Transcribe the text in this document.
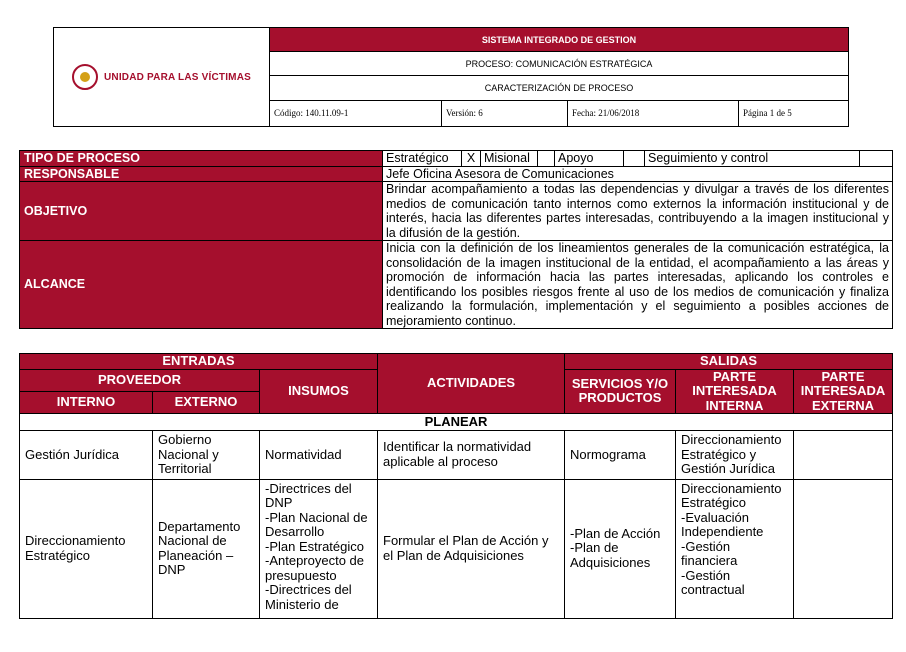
UNIDAD PARA LAS VÍCTIMAS	SISTEMA INTEGRADO DE GESTION			
	PROCESO: COMUNICACIÓN ESTRATÉGICA			
	CARACTERIZACIÓN DE PROCESO			
	Código: 140.11.09-1	Versión: 6	Fecha: 21/06/2018	Página 1 de 5
TIPO DE PROCESO	Estratégico	X	Misional		Apoyo		Seguimiento y control	
RESPONSABLE	Jefe Oficina Asesora de Comunicaciones							
OBJETIVO	Brindar acompañamiento a todas las dependencias y divulgar a través de los diferentes medios de comunicación tanto internos como externos la información institucional y de interés, hacia las diferentes partes interesadas, contribuyendo a la imagen institucional y la difusión de la gestión.							
ALCANCE	Inicia con la definición de los lineamientos generales de la comunicación estratégica, la consolidación de la imagen institucional de la entidad, el acompañamiento a las áreas y promoción de información hacia las partes interesadas, aplicando los controles e identificando los posibles riesgos frente al uso de los medios de comunicación y finaliza realizando la formulación, implementación y el seguimiento a posibles acciones de mejoramiento continuo.							
ENTRADAS			ACTIVIDADES	SALIDAS		
PROVEEDOR		INSUMOS		SERVICIOS Y/O PRODUCTOS	PARTE INTERESADA INTERNA	PARTE INTERESADA EXTERNA
INTERNO	EXTERNO					
PLANEAR						
Gestión Jurídica	Gobierno Nacional y Territorial	Normatividad	Identificar la normatividad aplicable al proceso	Normograma	Direccionamiento Estratégico y Gestión Jurídica	
Direccionamiento Estratégico	Departamento Nacional de Planeación – DNP	-Directrices del DNP
-Plan Nacional de Desarrollo
-Plan Estratégico
-Anteproyecto de presupuesto
-Directrices del Ministerio de	Formular el Plan de Acción y el Plan de Adquisiciones	-Plan de Acción
-Plan de Adquisiciones	Direccionamiento Estratégico
-Evaluación Independiente
-Gestión financiera
-Gestión contractual	
